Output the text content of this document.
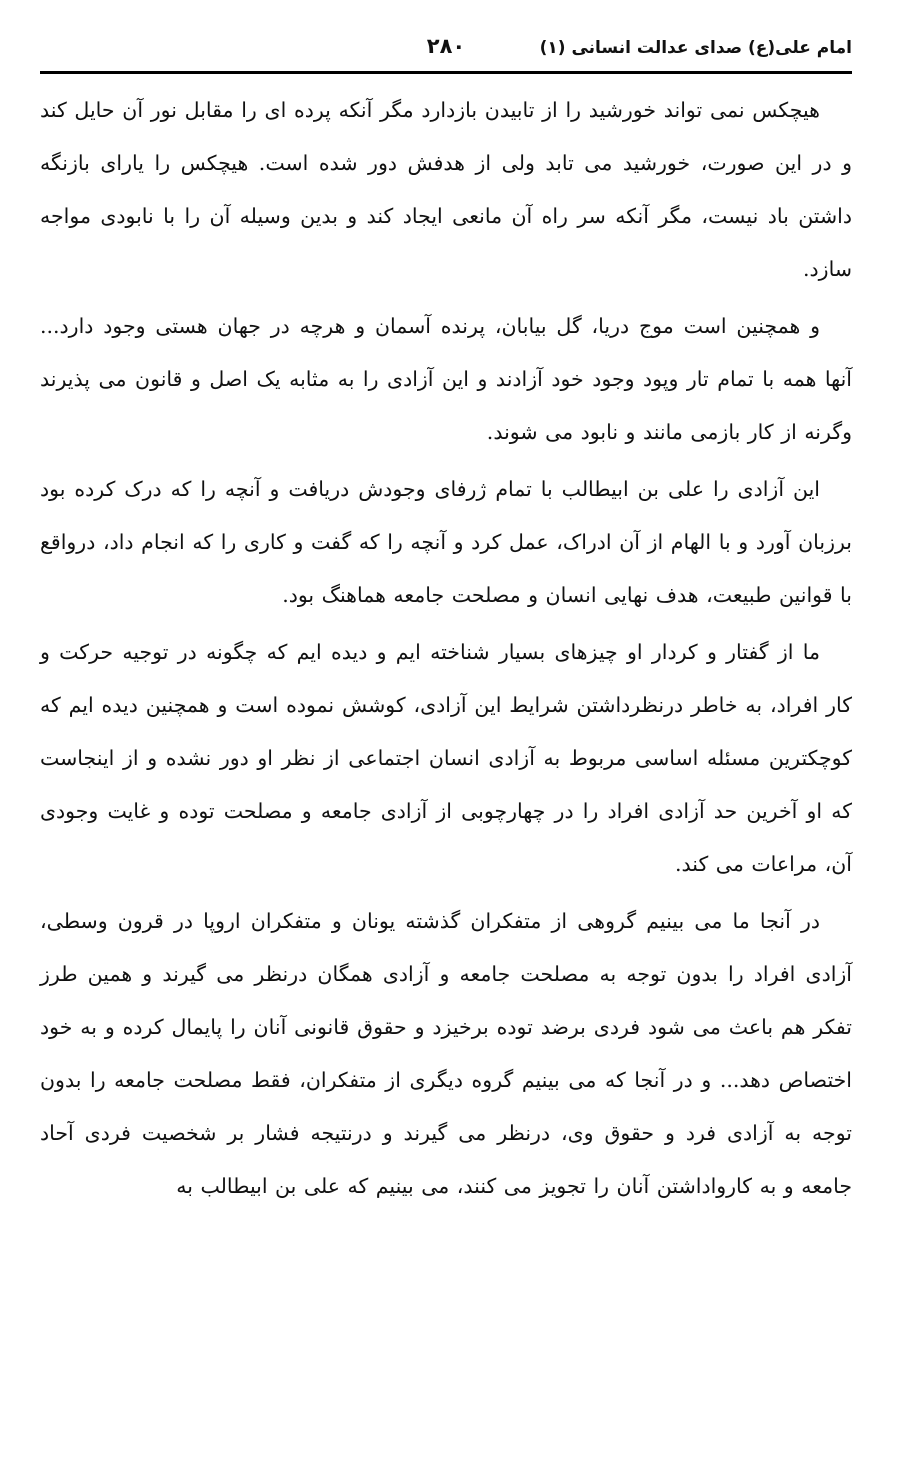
امام علی(ع) صدای عدالت انسانی (۱)
۲۸۰

هیچکس نمی تواند خورشید را از تابیدن بازدارد مگر آنکه پرده ای را مقابل نور آن حایل کند و در این صورت، خورشید می تابد ولی از هدفش دور شده است. هیچکس را یارای بازنگه داشتن باد نیست، مگر آنکه سر راه آن مانعی ایجاد کند و بدین وسیله آن را با نابودی مواجه سازد.

و همچنین است موج دریا، گل بیابان، پرنده آسمان و هرچه در جهان هستی وجود دارد... آنها همه با تمام تار وپود وجود خود آزادند و این آزادی را به مثابه یک اصل و قانون می پذیرند وگرنه از کار بازمی مانند و نابود می شوند.

این آزادی را علی بن ابیطالب با تمام ژرفای وجودش دریافت و آنچه را که درک کرده بود برزبان آورد و با الهام از آن ادراک، عمل کرد و آنچه را که گفت و کاری را که انجام داد، درواقع با قوانین طبیعت، هدف نهایی انسان و مصلحت جامعه هماهنگ بود.

ما از گفتار و کردار او چیزهای بسیار شناخته ایم و دیده ایم که چگونه در توجیه حرکت و کار افراد، به خاطر درنظرداشتن شرایط این آزادی، کوشش نموده است و همچنین دیده ایم که کوچکترین مسئله اساسی مربوط به آزادی انسان اجتماعی از نظر او دور نشده و از اینجاست که او آخرین حد آزادی افراد را در چهارچوبی از آزادی جامعه و مصلحت توده و غایت وجودی آن، مراعات می کند.

در آنجا ما می بینیم گروهی از متفکران گذشته یونان و متفکران اروپا در قرون وسطی، آزادی افراد را بدون توجه به مصلحت جامعه و آزادی همگان درنظر می گیرند و همین طرز تفکر هم باعث می شود فردی برضد توده برخیزد و حقوق قانونی آنان را پایمال کرده و به خود اختصاص دهد... و در آنجا که می بینیم گروه دیگری از متفکران، فقط مصلحت جامعه را بدون توجه به آزادی فرد و حقوق وی، درنظر می گیرند و درنتیجه فشار بر شخصیت فردی آحاد جامعه و به کارواداشتن آنان را تجویز می کنند، می بینیم که علی بن ابیطالب به
